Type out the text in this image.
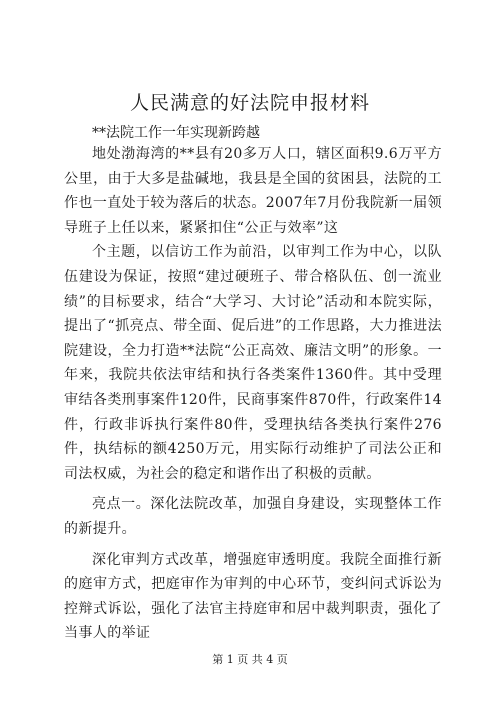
人民满意的好法院申报材料
**法院工作一年实现新跨越

地处渤海湾的**县有20多万人口，辖区面积9.6万平方公里，由于大多是盐碱地，我县是全国的贫困县，法院的工作也一直处于较为落后的状态。2007年7月份我院新一届领导班子上任以来，紧紧扣住“公正与效率”这

个主题，以信访工作为前沿，以审判工作为中心，以队伍建设为保证，按照“建过硬班子、带合格队伍、创一流业绩”的目标要求，结合“大学习、大讨论”活动和本院实际，提出了“抓亮点、带全面、促后进”的工作思路，大力推进法院建设，全力打造**法院“公正高效、廉洁文明”的形象。一年来，我院共依法审结和执行各类案件1360件。其中受理审结各类刑事案件120件，民商事案件870件，行政案件14件，行政非诉执行案件80件，受理执结各类执行案件276件，执结标的额4250万元，用实际行动维护了司法公正和司法权威，为社会的稳定和谐作出了积极的贡献。

亮点一。深化法院改革，加强自身建设，实现整体工作的新提升。

深化审判方式改革，增强庭审透明度。我院全面推行新的庭审方式，把庭审作为审判的中心环节，变纠问式诉讼为控辩式诉讼，强化了法官主持庭审和居中裁判职责，强化了当事人的举证

第 1 页 共 4 页
